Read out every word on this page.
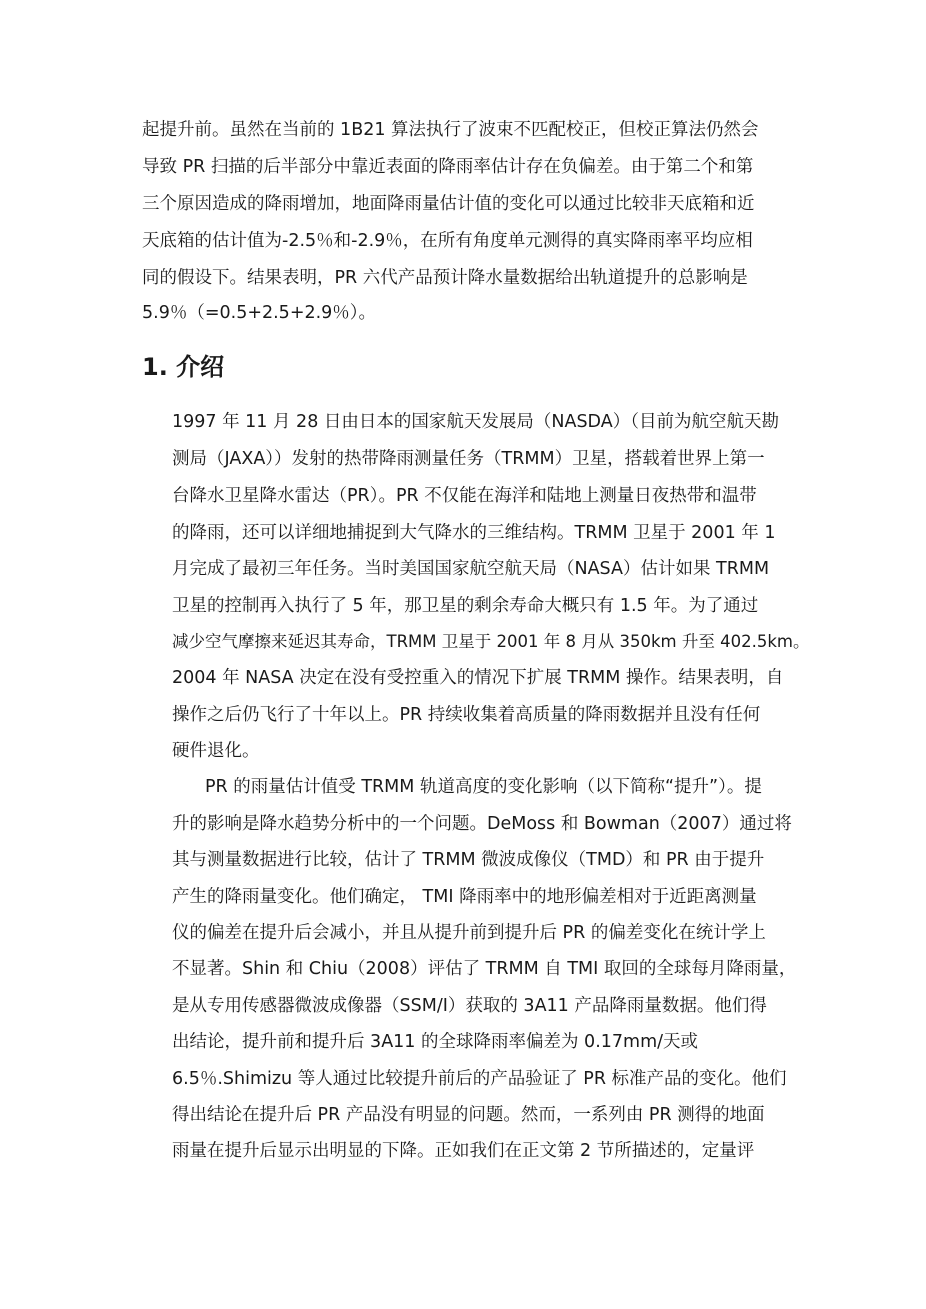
起提升前。虽然在当前的 1B21 算法执行了波束不匹配校正，但校正算法仍然会
导致 PR 扫描的后半部分中靠近表面的降雨率估计存在负偏差。由于第二个和第
三个原因造成的降雨增加，地面降雨量估计值的变化可以通过比较非天底箱和近
天底箱的估计值为-2.5％和-2.9％，在所有角度单元测得的真实降雨率平均应相
同的假设下。结果表明，PR 六代产品预计降水量数据给出轨道提升的总影响是
5.9％（=0.5+2.5+2.9％）。
1. 介绍
1997 年 11 月 28 日由日本的国家航天发展局（NASDA）（目前为航空航天勘
测局（JAXA））发射的热带降雨测量任务（TRMM）卫星，搭载着世界上第一
台降水卫星降水雷达（PR）。PR 不仅能在海洋和陆地上测量日夜热带和温带
的降雨，还可以详细地捕捉到大气降水的三维结构。TRMM 卫星于 2001 年 1
月完成了最初三年任务。当时美国国家航空航天局（NASA）估计如果 TRMM
卫星的控制再入执行了 5 年，那卫星的剩余寿命大概只有 1.5 年。为了通过
减少空气摩擦来延迟其寿命，TRMM 卫星于 2001 年 8 月从 350km 升至 402.5km。
2004 年 NASA 决定在没有受控重入的情况下扩展 TRMM 操作。结果表明，自
操作之后仍飞行了十年以上。PR 持续收集着高质量的降雨数据并且没有任何
硬件退化。
PR 的雨量估计值受 TRMM 轨道高度的变化影响（以下简称“提升”）。提
升的影响是降水趋势分析中的一个问题。DeMoss 和 Bowman（2007）通过将
其与测量数据进行比较，估计了 TRMM 微波成像仪（TMD）和 PR 由于提升
产生的降雨量变化。他们确定， TMI 降雨率中的地形偏差相对于近距离测量
仪的偏差在提升后会减小，并且从提升前到提升后 PR 的偏差变化在统计学上
不显著。Shin 和 Chiu（2008）评估了 TRMM 自 TMI 取回的全球每月降雨量，
是从专用传感器微波成像器（SSM/I）获取的 3A11 产品降雨量数据。他们得
出结论，提升前和提升后 3A11 的全球降雨率偏差为 0.17mm/天或
6.5％.Shimizu 等人通过比较提升前后的产品验证了 PR 标准产品的变化。他们
得出结论在提升后 PR 产品没有明显的问题。然而，一系列由 PR 测得的地面
雨量在提升后显示出明显的下降。正如我们在正文第 2 节所描述的，定量评
